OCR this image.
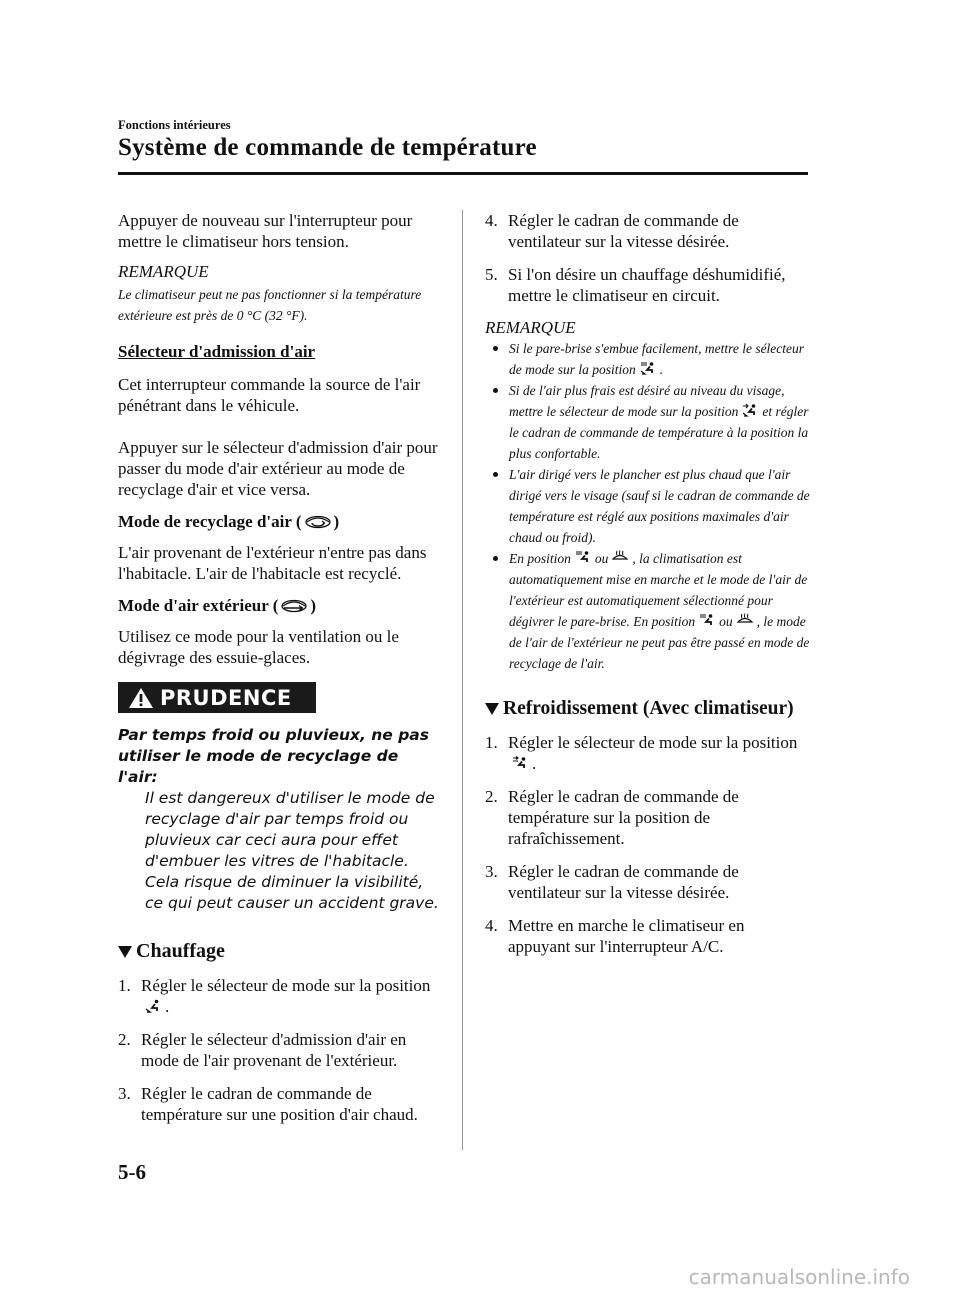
Fonctions intérieures
Système de commande de température

Appuyer de nouveau sur l'interrupteur pour mettre le climatiseur hors tension.

REMARQUE

Le climatiseur peut ne pas fonctionner si la température extérieure est près de 0 °C (32 °F).

Sélecteur d'admission d'air

Cet interrupteur commande la source de l'air pénétrant dans le véhicule.

Appuyer sur le sélecteur d'admission d'air pour passer du mode d'air extérieur au mode de recyclage d'air et vice versa.

Mode de recyclage d'air ( )

L'air provenant de l'extérieur n'entre pas dans l'habitacle. L'air de l'habitacle est recyclé.

Mode d'air extérieur ( )

Utilisez ce mode pour la ventilation ou le dégivrage des essuie-glaces.

PRUDENCE

Par temps froid ou pluvieux, ne pas utiliser le mode de recyclage de l'air:

Il est dangereux d'utiliser le mode de recyclage d'air par temps froid ou pluvieux car ceci aura pour effet d'embuer les vitres de l'habitacle. Cela risque de diminuer la visibilité, ce qui peut causer un accident grave.

Chauffage
1. Régler le sélecteur de mode sur la position.
2. Régler le sélecteur d'admission d'air en mode de l'air provenant de l'extérieur.
3. Régler le cadran de commande de température sur une position d'air chaud.
4. Régler le cadran de commande de ventilateur sur la vitesse désirée.
5. Si l'on désire un chauffage déshumidifié, mettre le climatiseur en circuit.

REMARQUE

Si le pare-brise s'embue facilement, mettre le sélecteur de mode sur la position .
Si de l'air plus frais est désiré au niveau du visage, mettre le sélecteur de mode sur la position et régler le cadran de commande de température à la position la plus confortable.
L'air dirigé vers le plancher est plus chaud que l'air dirigé vers le visage (sauf si le cadran de commande de température est réglé aux positions maximales d'air chaud ou froid).
En position ou , la climatisation est automatiquement mise en marche et le mode de l'air de l'extérieur est automatiquement sélectionné pour dégivrer le pare-brise. En position ou , le mode de l'air de l'extérieur ne peut pas être passé en mode de recyclage de l'air.
Refroidissement (Avec climatiseur)
1. Régler le sélecteur de mode sur la position.
2. Régler le cadran de commande de température sur la position de rafraîchissement.
3. Régler le cadran de commande de ventilateur sur la vitesse désirée.
4. Mettre en marche le climatiseur en appuyant sur l'interrupteur A/C.
5-6
carmanualsonline.info
